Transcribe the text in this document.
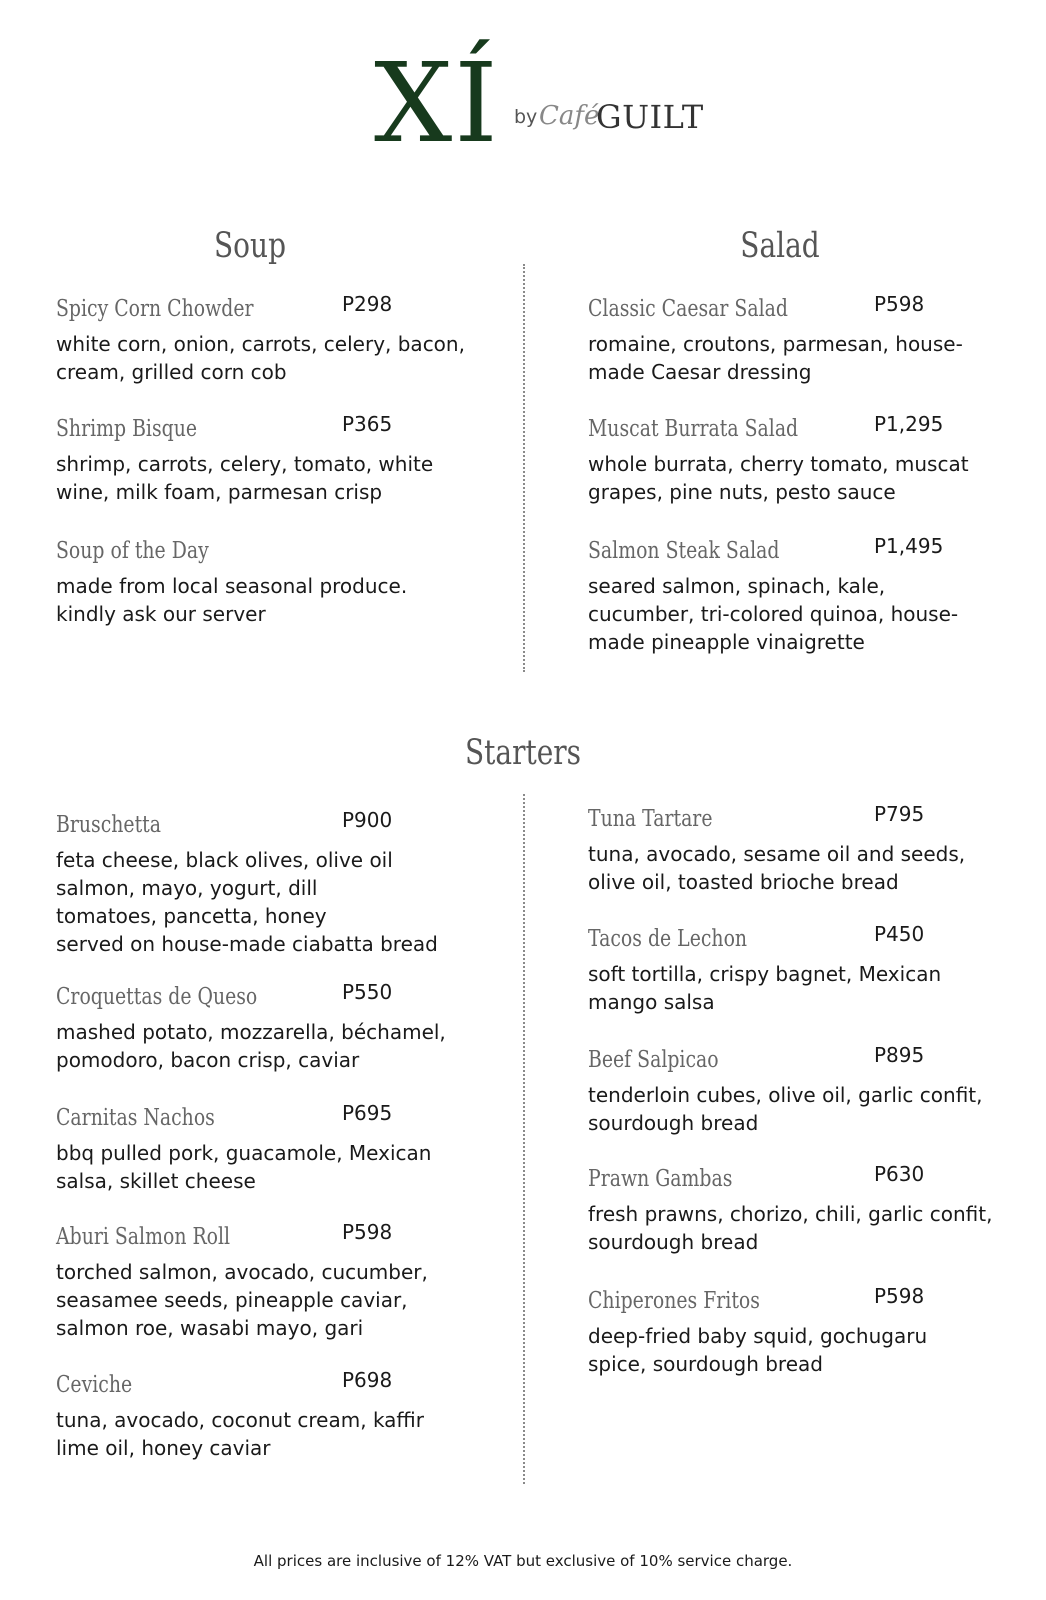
XÍ by Café
GUILT
Soup	Salad
Starters
Spicy Corn Chowder	P298
white corn, onion, carrots, celery, bacon,
cream, grilled corn cob
Shrimp Bisque	P365
shrimp, carrots, celery, tomato, white
wine, milk foam, parmesan crisp
Soup of the Day
made from local seasonal produce.
kindly ask our server
Classic Caesar Salad	P598
romaine, croutons, parmesan, house-
made Caesar dressing
Muscat Burrata Salad	P1,295
whole burrata, cherry tomato, muscat
grapes, pine nuts, pesto sauce
Salmon Steak Salad	P1,495
seared salmon, spinach, kale,
cucumber, tri-colored quinoa, house-
made pineapple vinaigrette
Bruschetta	P900
feta cheese, black olives, olive oil
salmon, mayo, yogurt, dill
tomatoes, pancetta, honey
served on house-made ciabatta bread
Croquettas de Queso	P550
mashed potato, mozzarella, béchamel,
pomodoro, bacon crisp, caviar
Carnitas Nachos	P695
bbq pulled pork, guacamole, Mexican
salsa, skillet cheese
Aburi Salmon Roll	P598
torched salmon, avocado, cucumber,
seasamee seeds, pineapple caviar,
salmon roe, wasabi mayo, gari
Ceviche	P698
tuna, avocado, coconut cream, kaffir
lime oil, honey caviar
Tuna Tartare	P795
tuna, avocado, sesame oil and seeds,
olive oil, toasted brioche bread
Tacos de Lechon	P450
soft tortilla, crispy bagnet, Mexican
mango salsa
Beef Salpicao	P895
tenderloin cubes, olive oil, garlic confit,
sourdough bread
Prawn Gambas	P630
fresh prawns, chorizo, chili, garlic confit,
sourdough bread
Chiperones Fritos	P598
deep-fried baby squid, gochugaru
spice, sourdough bread
All prices are inclusive of 12% VAT but exclusive of 10% service charge.
